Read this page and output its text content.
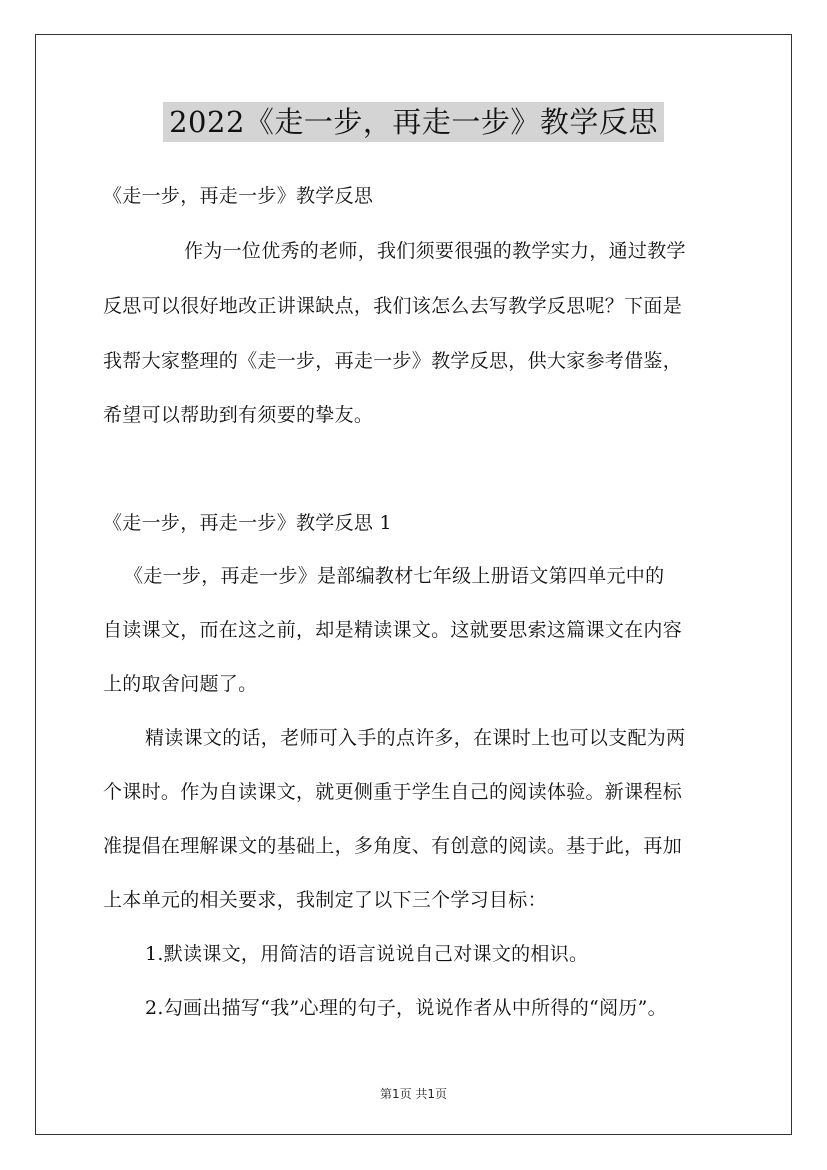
2022《走一步，再走一步》教学反思
《走一步，再走一步》教学反思
作为一位优秀的老师，我们须要很强的教学实力，通过教学
反思可以很好地改正讲课缺点，我们该怎么去写教学反思呢？下面是
我帮大家整理的《走一步，再走一步》教学反思，供大家参考借鉴，
希望可以帮助到有须要的挚友。
《走一步，再走一步》教学反思 1
《走一步，再走一步》是部编教材七年级上册语文第四单元中的
自读课文，而在这之前，却是精读课文。这就要思索这篇课文在内容
上的取舍问题了。
精读课文的话，老师可入手的点许多，在课时上也可以支配为两
个课时。作为自读课文，就更侧重于学生自己的阅读体验。新课程标
准提倡在理解课文的基础上，多角度、有创意的阅读。基于此，再加
上本单元的相关要求，我制定了以下三个学习目标：
1.默读课文，用简洁的语言说说自己对课文的相识。
2.勾画出描写“我”心理的句子，说说作者从中所得的“阅历”。
第1页 共1页
